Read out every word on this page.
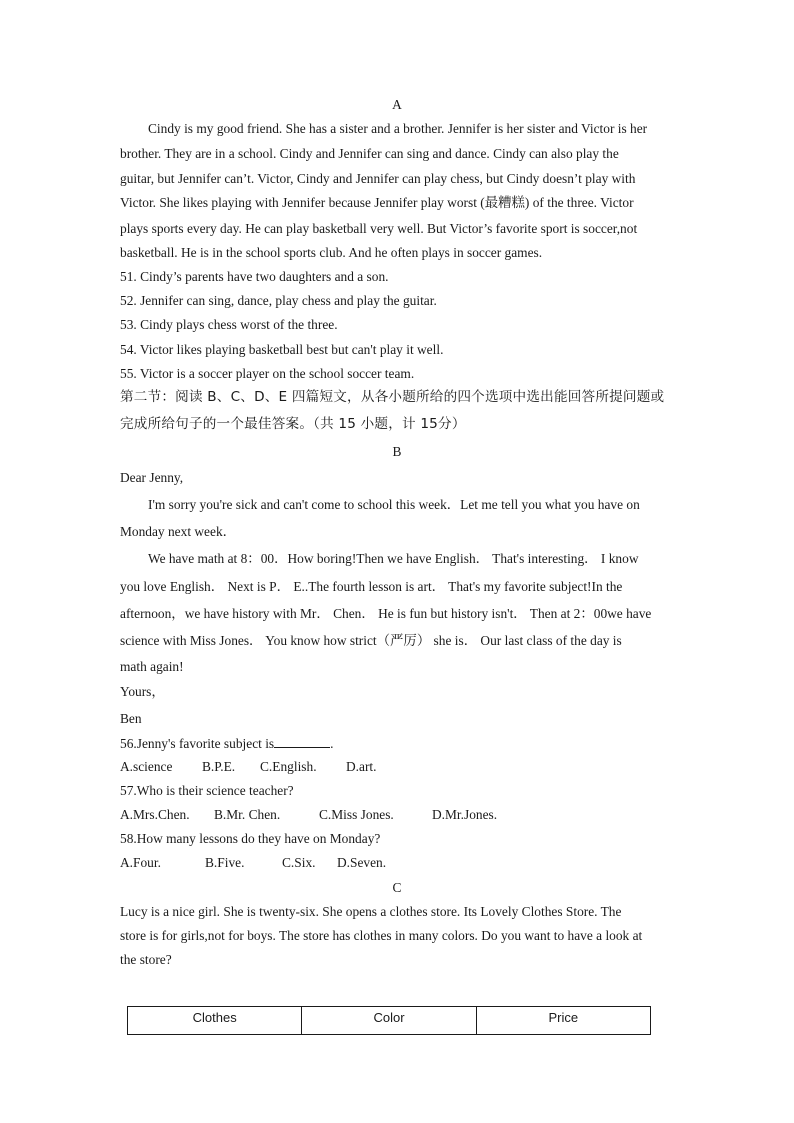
A
Cindy is my good friend. She has a sister and a brother. Jennifer is her sister and Victor is her
brother. They are in a school. Cindy and Jennifer can sing and dance. Cindy can also play the
guitar, but Jennifer can’t. Victor, Cindy and Jennifer can play chess, but Cindy doesn’t play with
Victor. She likes playing with Jennifer because Jennifer play worst (最糟糕) of the three. Victor
plays sports every day. He can play basketball very well. But Victor’s favorite sport is soccer,not
basketball. He is in the school sports club. And he often plays in soccer games.
51. Cindy’s parents have two daughters and a son.
52. Jennifer can sing, dance, play chess and play the guitar.
53. Cindy plays chess worst of the three.
54. Victor likes playing basketball best but can't play it well.
55. Victor is a soccer player on the school soccer team.
第二节：阅读 B、C、D、E 四篇短文，从各小题所给的四个选项中选出能回答所提问题或
完成所给句子的一个最佳答案。（共 15 小题，计 15分）
B
Dear Jenny,
I'm sorry you're sick and can't come to school this week．Let me tell you what you have on
Monday next week．
We have math at 8：00．How boring!Then we have English． That's interesting． I know
you love English． Next is P． E..The fourth lesson is art． That's my favorite subject!In the
afternoon，we have history with Mr． Chen． He is fun but history isn't． Then at 2：00we have
science with Miss Jones． You know how strict（严厉） she is． Our last class of the day is
math again!
Yours，
Ben
56.Jenny's favorite subject is	.
A.science B.P.E. C.English. D.art.
57.Who is their science teacher?
A.Mrs.Chen. B.Mr. Chen.	C.Miss Jones.	D.Mr.Jones.
58.How many lessons do they have on Monday?
A.Four.	B.Five.	C.Six. D.Seven.
C
Lucy is a nice girl. She is twenty-six. She opens a clothes store. Its Lovely Clothes Store. The
store is for girls,not for boys. The store has clothes in many colors. Do you want to have a look at
the store?
Clothes	Color	Price
